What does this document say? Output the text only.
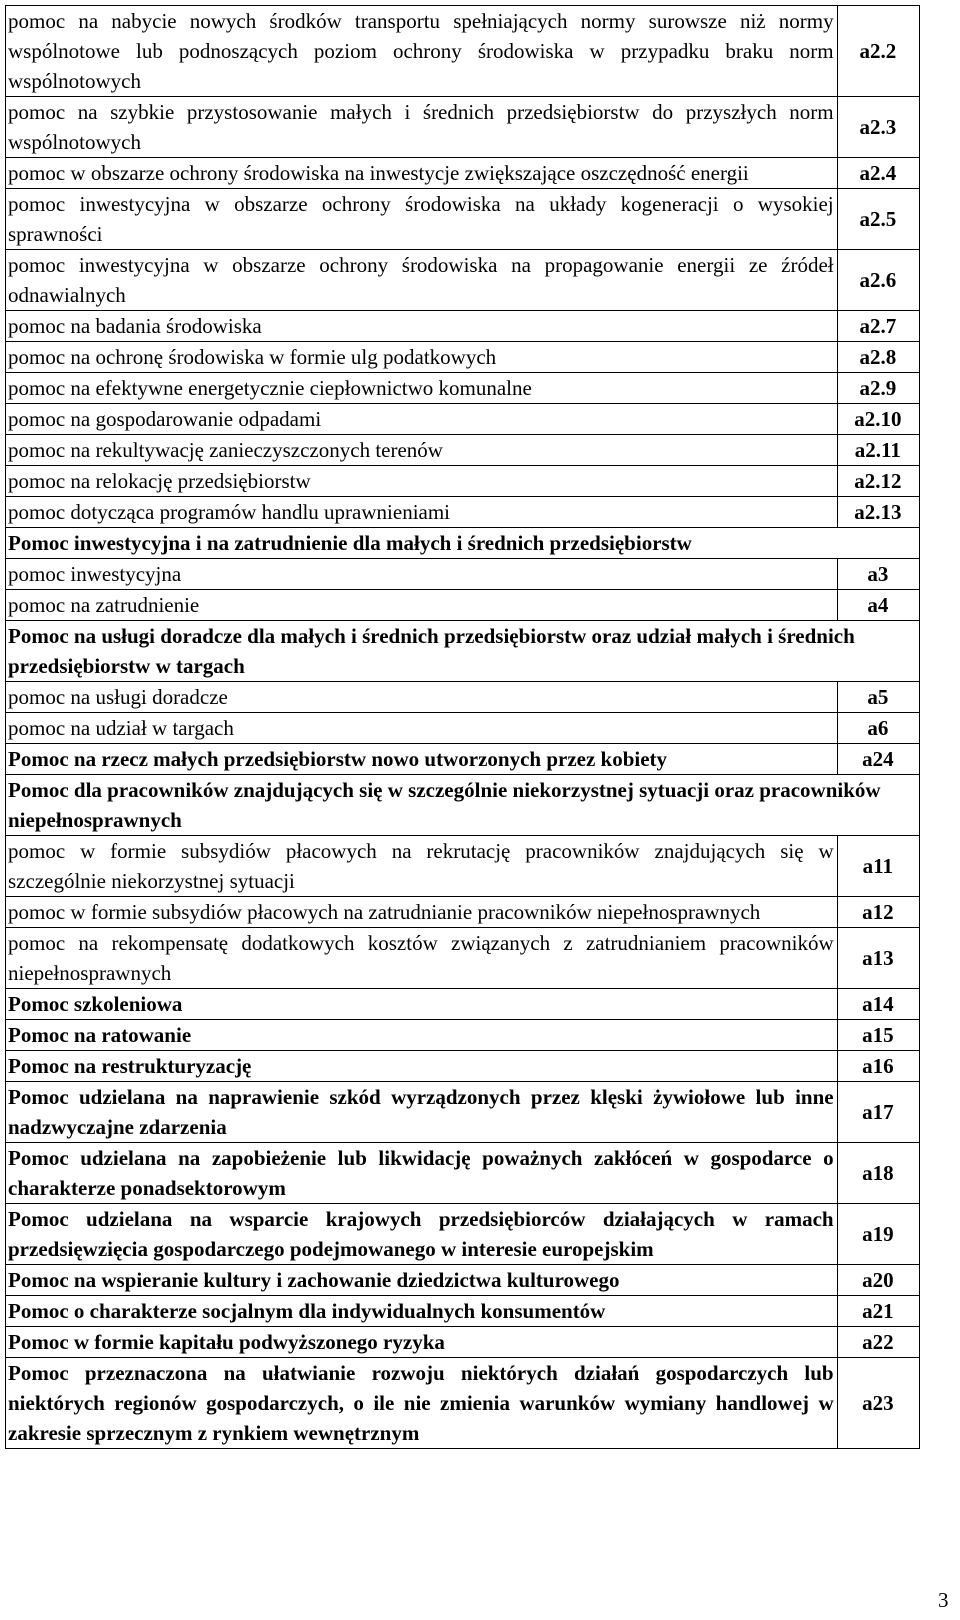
pomoc na nabycie nowych środków transportu spełniających normy surowsze niż normy wspólnotowe lub podnoszących poziom ochrony środowiska w przypadku braku norm wspólnotowych	a2.2
pomoc na szybkie przystosowanie małych i średnich przedsiębiorstw do przyszłych norm wspólnotowych	a2.3
pomoc w obszarze ochrony środowiska na inwestycje zwiększające oszczędność energii	a2.4
pomoc inwestycyjna w obszarze ochrony środowiska na układy kogeneracji o wysokiej sprawności	a2.5
pomoc inwestycyjna w obszarze ochrony środowiska na propagowanie energii ze źródeł odnawialnych	a2.6
pomoc na badania środowiska	a2.7
pomoc na ochronę środowiska w formie ulg podatkowych	a2.8
pomoc na efektywne energetycznie ciepłownictwo komunalne	a2.9
pomoc na gospodarowanie odpadami	a2.10
pomoc na rekultywację zanieczyszczonych terenów	a2.11
pomoc na relokację przedsiębiorstw	a2.12
pomoc dotycząca programów handlu uprawnieniami	a2.13
Pomoc inwestycyjna i na zatrudnienie dla małych i średnich przedsiębiorstw	
pomoc inwestycyjna	a3
pomoc na zatrudnienie	a4
Pomoc na usługi doradcze dla małych i średnich przedsiębiorstw oraz udział małych i średnich przedsiębiorstw w targach	
pomoc na usługi doradcze	a5
pomoc na udział w targach	a6
Pomoc na rzecz małych przedsiębiorstw nowo utworzonych przez kobiety	a24
Pomoc dla pracowników znajdujących się w szczególnie niekorzystnej sytuacji oraz pracowników niepełnosprawnych	
pomoc w formie subsydiów płacowych na rekrutację pracowników znajdujących się w szczególnie niekorzystnej sytuacji	a11
pomoc w formie subsydiów płacowych na zatrudnianie pracowników niepełnosprawnych	a12
pomoc na rekompensatę dodatkowych kosztów związanych z zatrudnianiem pracowników niepełnosprawnych	a13
Pomoc szkoleniowa	a14
Pomoc na ratowanie	a15
Pomoc na restrukturyzację	a16
Pomoc udzielana na naprawienie szkód wyrządzonych przez klęski żywiołowe lub inne nadzwyczajne zdarzenia	a17
Pomoc udzielana na zapobieżenie lub likwidację poważnych zakłóceń w gospodarce o charakterze ponadsektorowym	a18
Pomoc udzielana na wsparcie krajowych przedsiębiorców działających w ramach przedsięwzięcia gospodarczego podejmowanego w interesie europejskim	a19
Pomoc na wspieranie kultury i zachowanie dziedzictwa kulturowego	a20
Pomoc o charakterze socjalnym dla indywidualnych konsumentów	a21
Pomoc w formie kapitału podwyższonego ryzyka	a22
Pomoc przeznaczona na ułatwianie rozwoju niektórych działań gospodarczych lub niektórych regionów gospodarczych, o ile nie zmienia warunków wymiany handlowej w zakresie sprzecznym z rynkiem wewnętrznym	a23
3
